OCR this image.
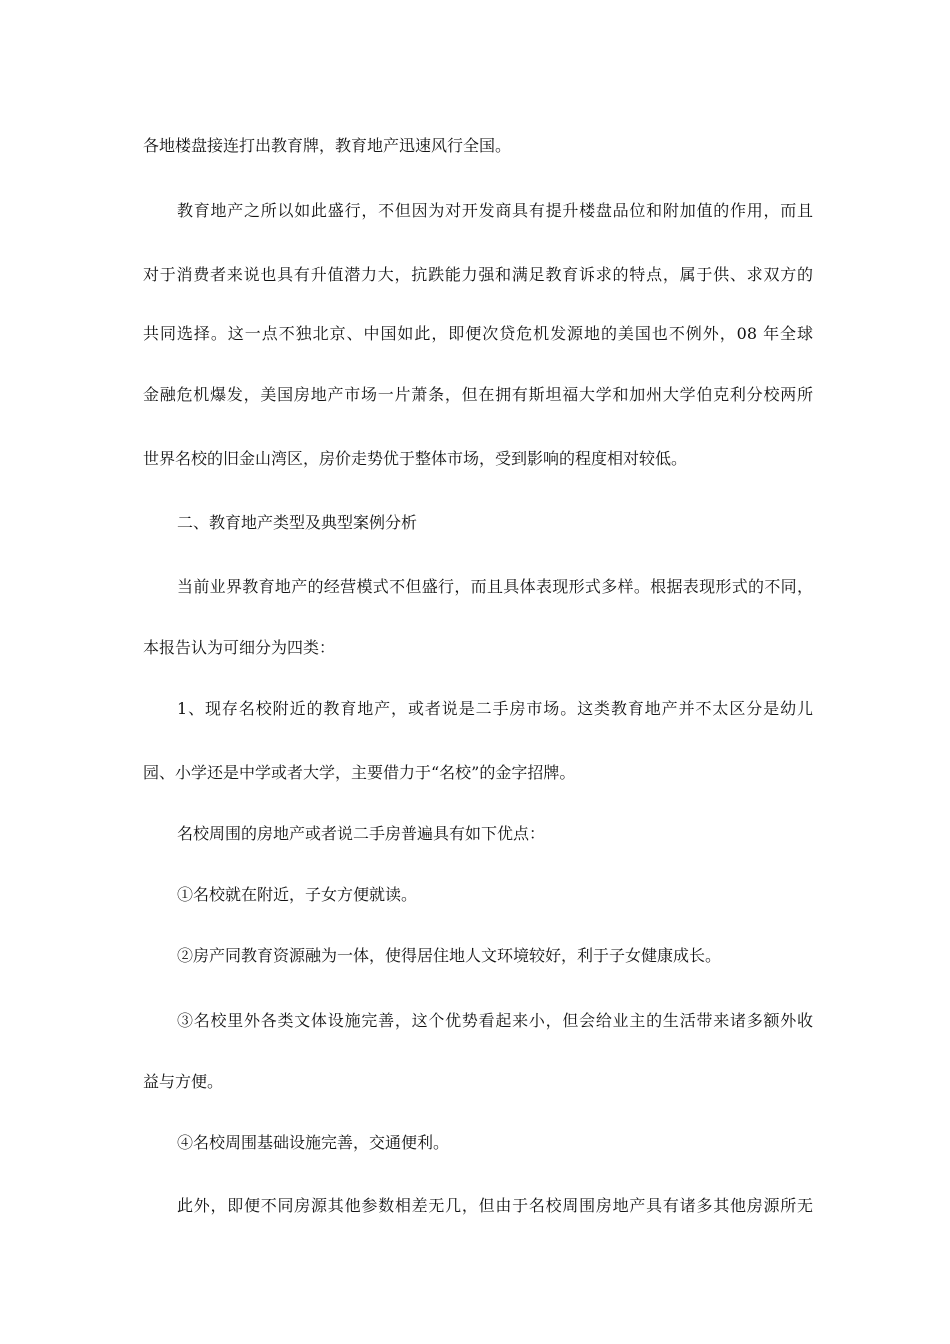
各地楼盘接连打出教育牌，教育地产迅速风行全国。
教育地产之所以如此盛行，不但因为对开发商具有提升楼盘品位和附加值的作用，而且
对于消费者来说也具有升值潜力大，抗跌能力强和满足教育诉求的特点，属于供、求双方的
共同选择。这一点不独北京、中国如此，即便次贷危机发源地的美国也不例外，08 年全球
金融危机爆发，美国房地产市场一片萧条，但在拥有斯坦福大学和加州大学伯克利分校两所
世界名校的旧金山湾区，房价走势优于整体市场，受到影响的程度相对较低。
二、教育地产类型及典型案例分析
当前业界教育地产的经营模式不但盛行，而且具体表现形式多样。根据表现形式的不同，
本报告认为可细分为四类：
1、现存名校附近的教育地产，或者说是二手房市场。这类教育地产并不太区分是幼儿
园、小学还是中学或者大学，主要借力于“名校”的金字招牌。
名校周围的房地产或者说二手房普遍具有如下优点：
①名校就在附近，子女方便就读。
②房产同教育资源融为一体，使得居住地人文环境较好，利于子女健康成长。
③名校里外各类文体设施完善，这个优势看起来小，但会给业主的生活带来诸多额外收
益与方便。
④名校周围基础设施完善，交通便利。
此外，即便不同房源其他参数相差无几，但由于名校周围房地产具有诸多其他房源所无
